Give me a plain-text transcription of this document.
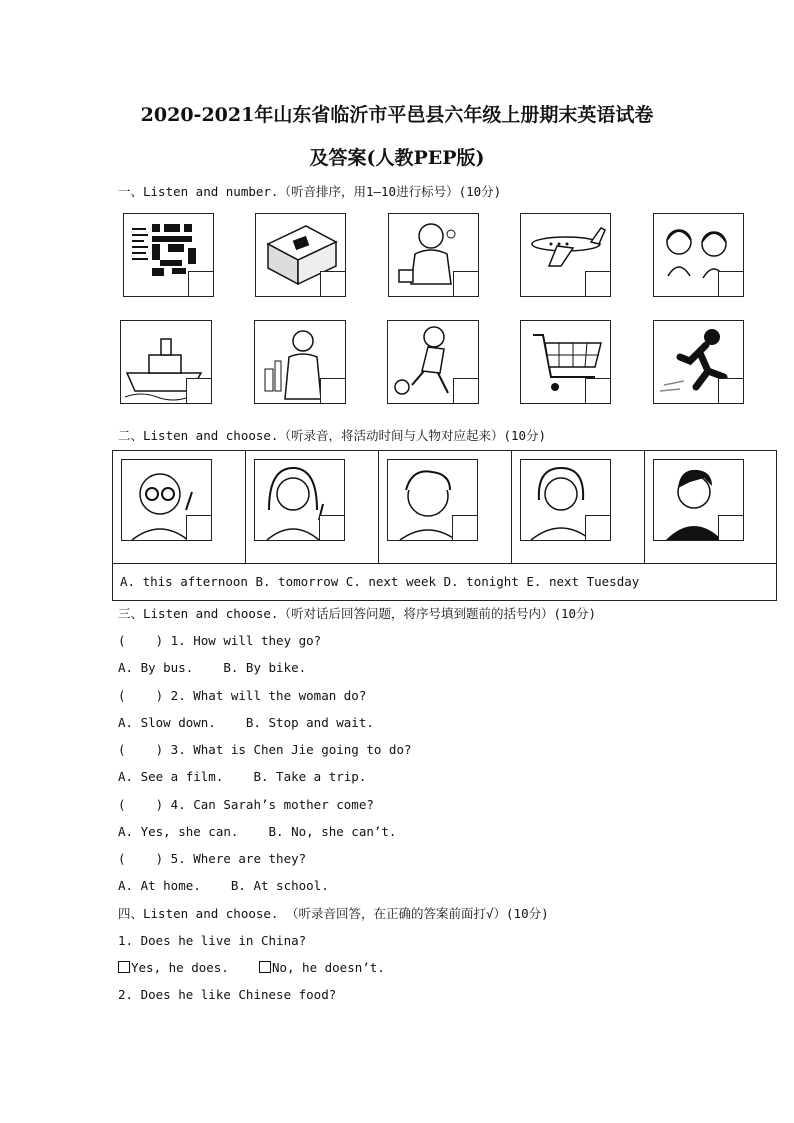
2020-2021年山东省临沂市平邑县六年级上册期末英语试卷
及答案(人教PEP版)
一、Listen and number.（听音排序，用1—10进行标号）(10分)
二、Listen and choose.（听录音，将活动时间与人物对应起来）(10分)
A. this afternoon B. tomorrow C. next week D. tonight E. next Tuesday
三、Listen and choose.（听对话后回答问题，将序号填到题前的括号内）(10分)
(    ) 1. How will they go?
A. By bus.    B. By bike.
(    ) 2. What will the woman do?
A. Slow down.    B. Stop and wait.
(    ) 3. What is Chen Jie going to do?
A. See a film.    B. Take a trip.
(    ) 4. Can Sarah’s mother come?
A. Yes, she can.    B. No, she can’t.
(    ) 5. Where are they?
A. At home.    B. At school.
四、Listen and choose. （听录音回答，在正确的答案前面打√）(10分)
1. Does he live in China?
Yes, he does.	No, he doesn’t.
2. Does he like Chinese food?
